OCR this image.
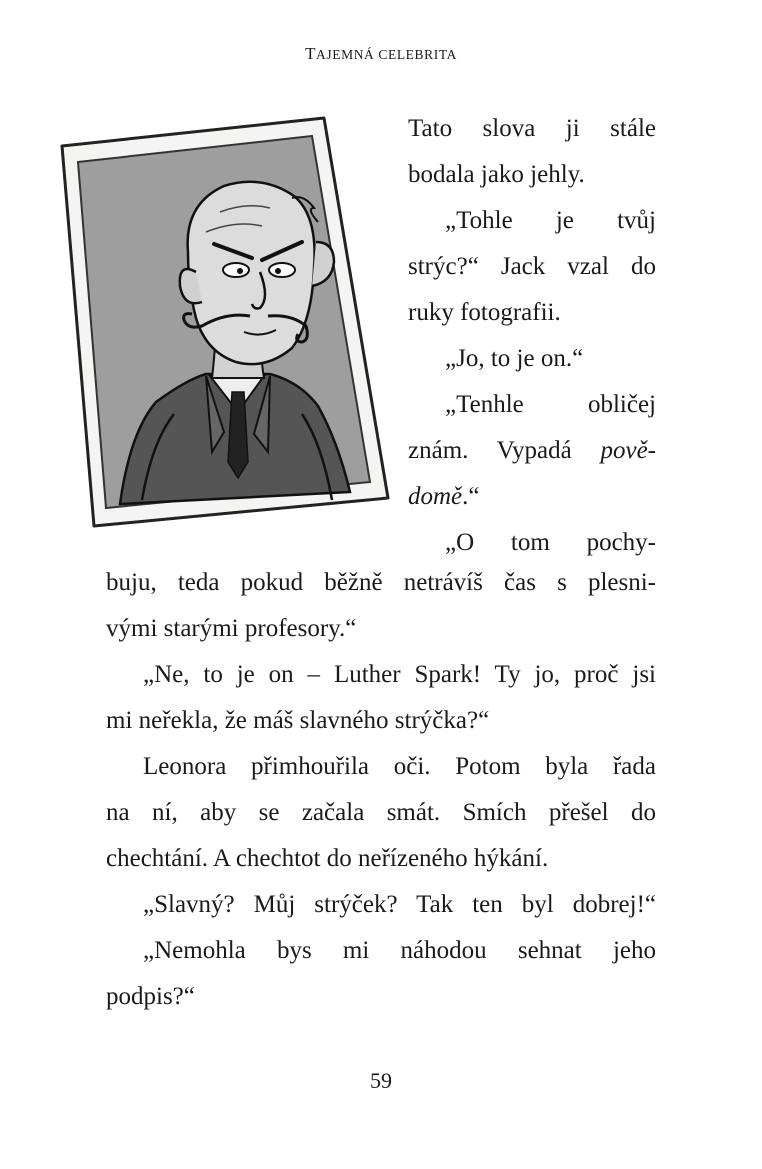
TAJEMNÁ CELEBRITA

Tato slova ji stále
bodala jako jehly.

„Tohle je tvůj
strýc?“ Jack vzal do
ruky fotografii.

„Jo, to je on.“

„Tenhle obličej
znám. Vypadá pově-
domě.“

„O tom pochy-

buju, teda pokud běžně netrávíš čas s plesni-
vými starými profesory.“

„Ne, to je on – Luther Spark! Ty jo, proč jsi
mi neřekla, že máš slavného strýčka?“

Leonora přimhouřila oči. Potom byla řada
na ní, aby se začala smát. Smích přešel do
chechtání. A chechtot do neřízeného hýkání.

„Slavný? Můj strýček? Tak ten byl dobrej!“

„Nemohla bys mi náhodou sehnat jeho
podpis?“

59
